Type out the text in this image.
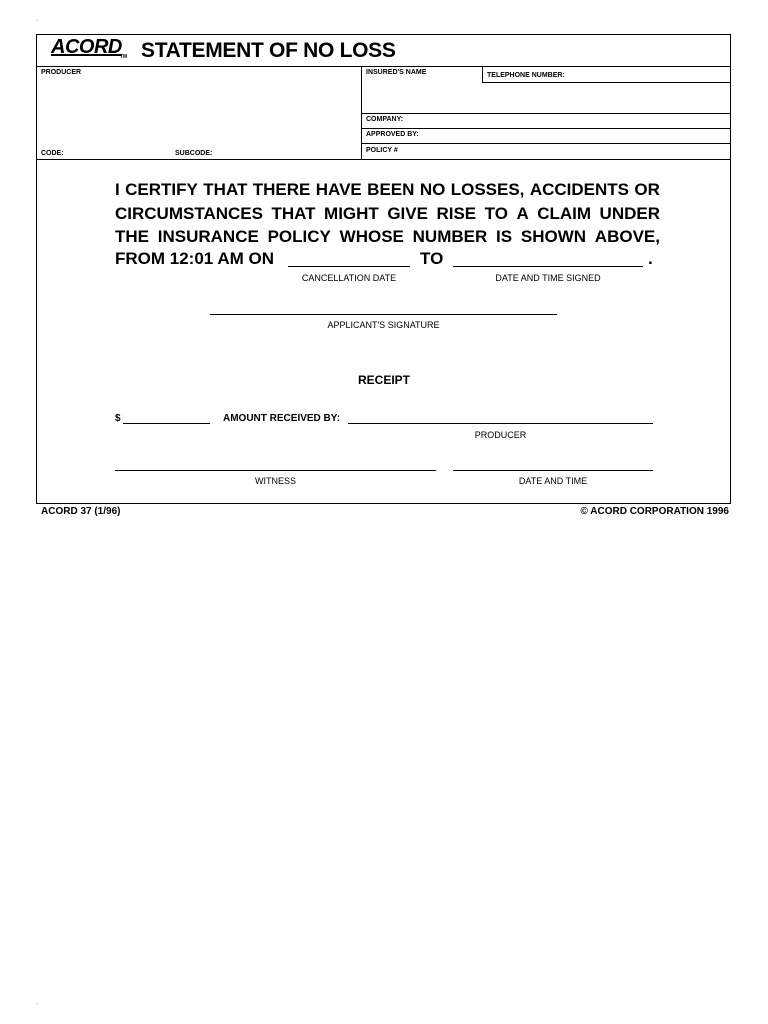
ACORD
TM STATEMENT OF NO LOSS
PRODUCER	INSURED'S NAME	TELEPHONE NUMBER:
COMPANY:
APPROVED BY:
POLICY #
CODE:	SUBCODE:
I CERTIFY THAT THERE HAVE BEEN NO LOSSES, ACCIDENTS OR
CIRCUMSTANCES THAT MIGHT GIVE RISE TO A CLAIM UNDER
THE INSURANCE POLICY WHOSE NUMBER IS SHOWN ABOVE,
FROM 12:01 AM ON	TO	.
CANCELLATION DATE	DATE AND TIME SIGNED
APPLICANT'S SIGNATURE
RECEIPT
$	AMOUNT RECEIVED BY:
PRODUCER
WITNESS	DATE AND TIME
ACORD 37 (1/96)	© ACORD CORPORATION 1996
